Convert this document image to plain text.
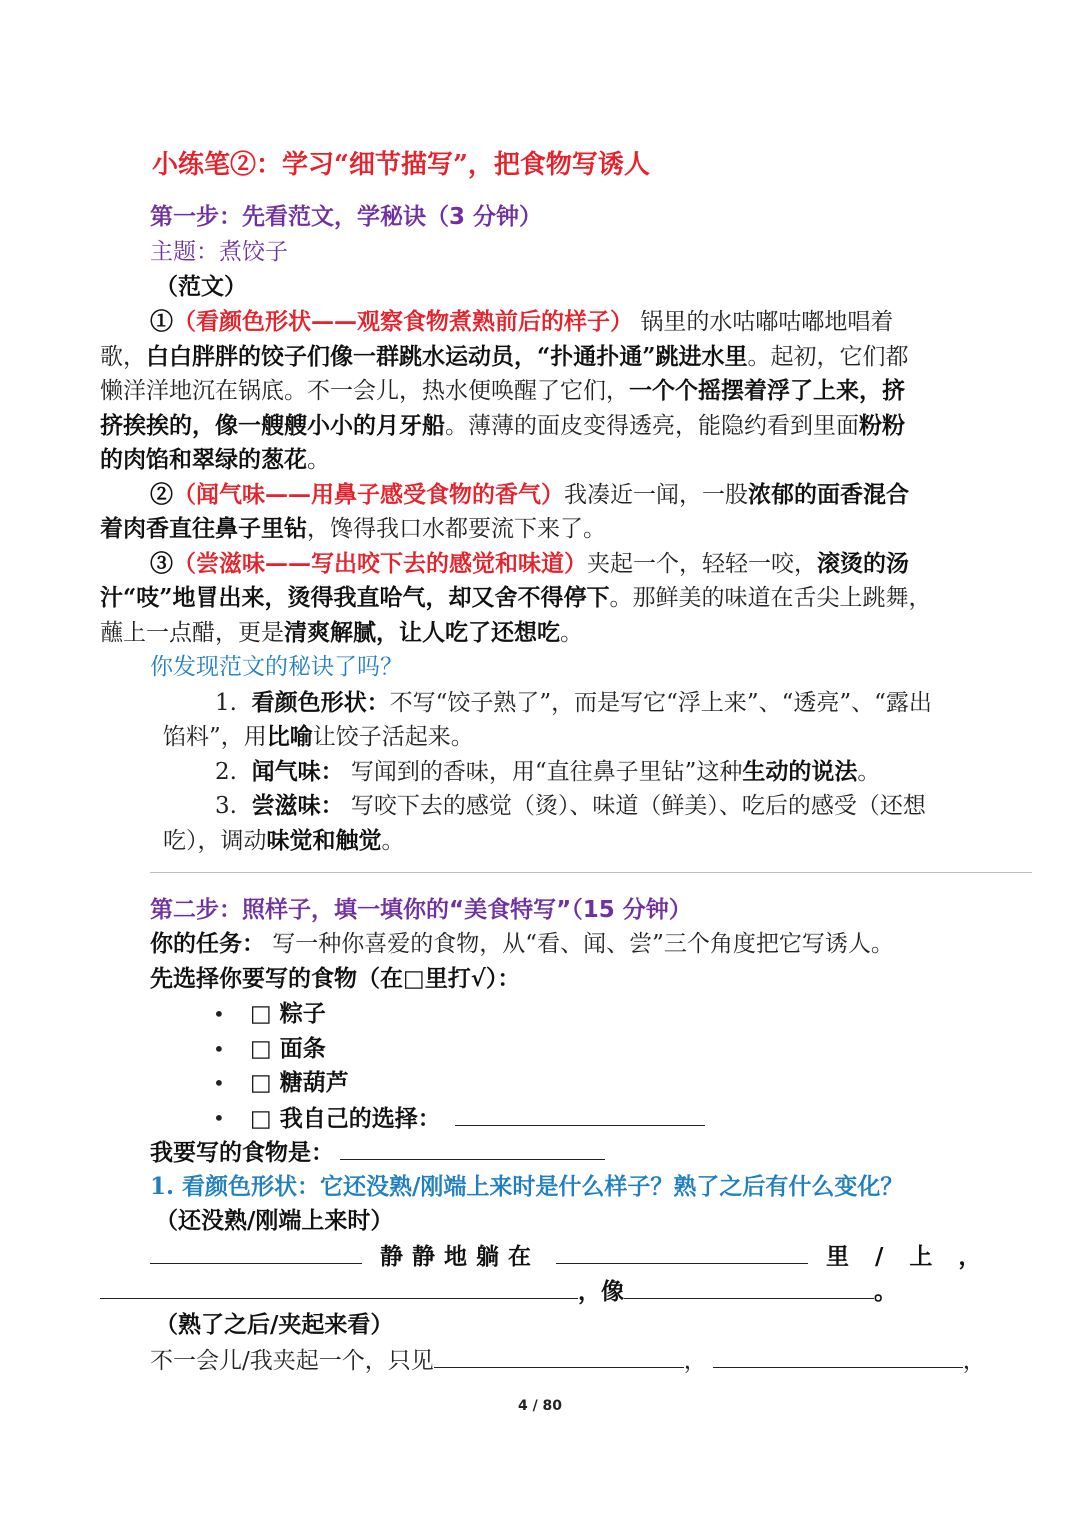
小练笔②：学习“细节描写”，把食物写诱人
第一步：先看范文，学秘诀（3 分钟）
主题：煮饺子
（范文）
①（看颜色形状——观察食物煮熟前后的样子） 锅里的水咕嘟咕嘟地唱着
歌，白白胖胖的饺子们像一群跳水运动员，“扑通扑通”跳进水里。起初，它们都
懒洋洋地沉在锅底。不一会儿，热水便唤醒了它们，一个个摇摆着浮了上来，挤
挤挨挨的，像一艘艘小小的月牙船。薄薄的面皮变得透亮，能隐约看到里面粉粉
的肉馅和翠绿的葱花。
②（闻气味——用鼻子感受食物的香气）我凑近一闻，一股浓郁的面香混合
着肉香直往鼻子里钻，馋得我口水都要流下来了。
③（尝滋味——写出咬下去的感觉和味道）夹起一个，轻轻一咬，滚烫的汤
汁“吱”地冒出来，烫得我直哈气，却又舍不得停下。那鲜美的味道在舌尖上跳舞，
蘸上一点醋，更是清爽解腻，让人吃了还想吃。
你发现范文的秘诀了吗？
1. 看颜色形状：不写“饺子熟了”，而是写它“浮上来”、“透亮”、“露出
馅料”，用比喻让饺子活起来。
2. 闻气味： 写闻到的香味，用“直往鼻子里钻”这种生动的说法。
3. 尝滋味： 写咬下去的感觉（烫）、味道（鲜美）、吃后的感受（还想
吃），调动味觉和触觉。
第二步：照样子，填一填你的“美食特写”（15 分钟）
你的任务： 写一种你喜爱的食物，从“看、闻、尝”三个角度把它写诱人。
先选择你要写的食物（在□里打√）：
• □ 粽子
• □ 面条
• □ 糖葫芦
• □ 我自己的选择：
我要写的食物是：
1. 看颜色形状：它还没熟/刚端上来时是什么样子？熟了之后有什么变化？
（还没熟/刚端上来时）
静静地躺在	里 / 上 ，
，像	。
（熟了之后/夹起来看）
不一会儿/我夹起一个，只见	，	，
4 / 80
